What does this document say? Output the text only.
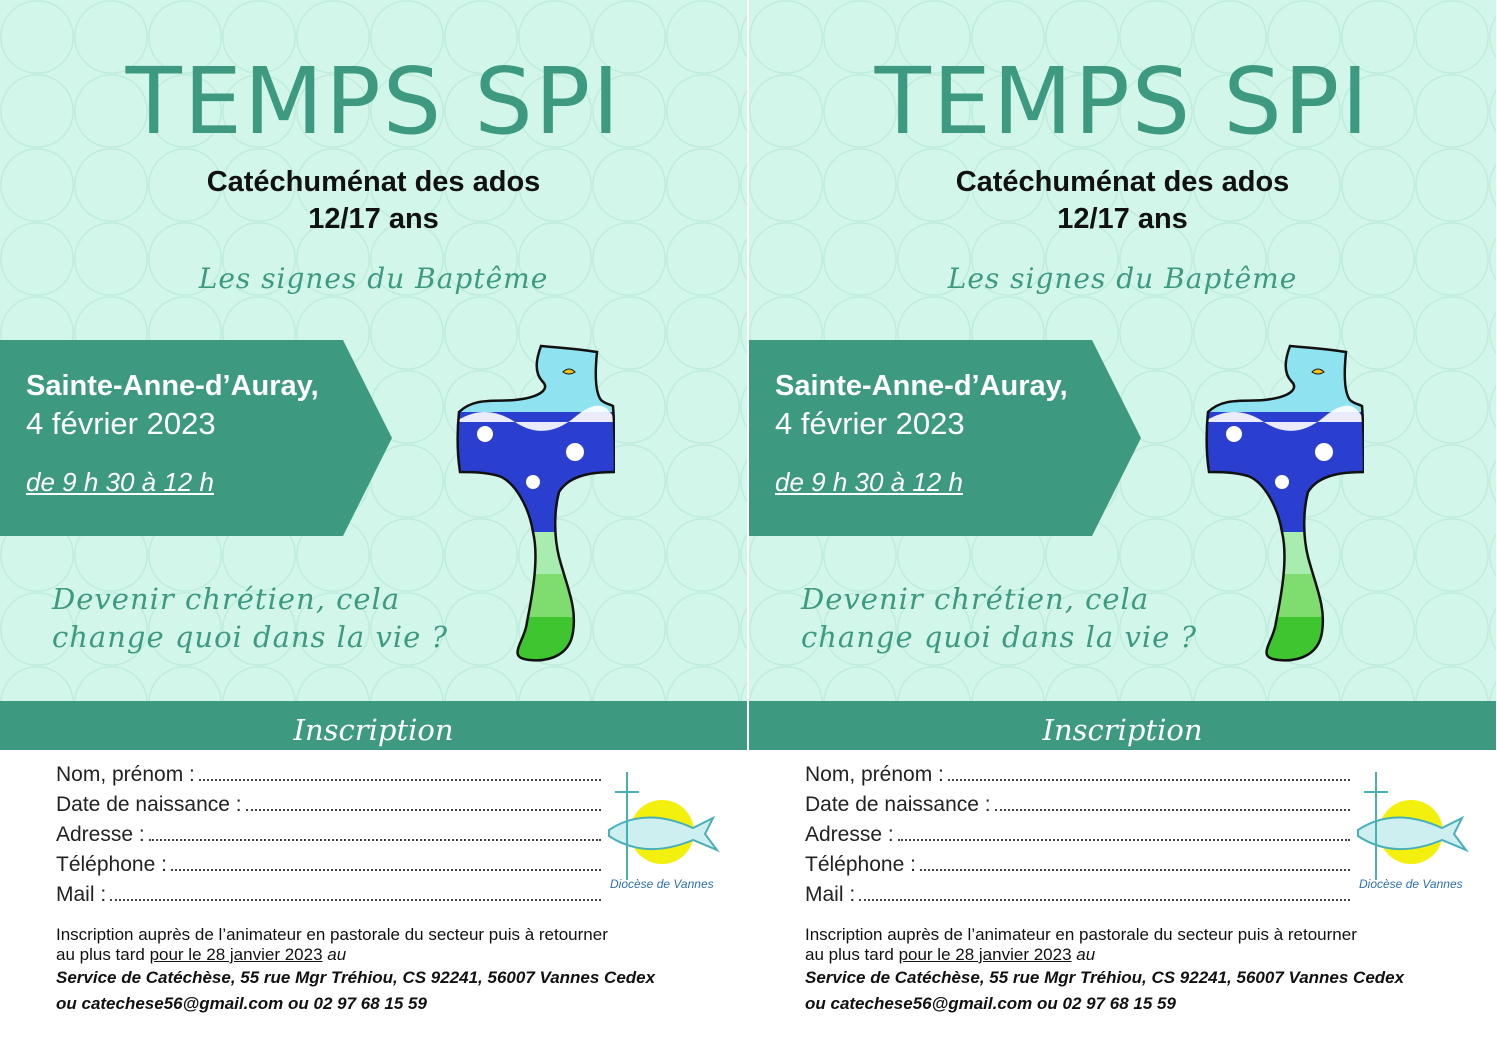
TEMPS SPI
Catéchuménat des ados
12/17 ans
Les signes du Baptême
Sainte-Anne-d’Auray,
4 février 2023
de 9 h 30 à 12 h
Devenir chrétien, cela
change quoi dans la vie ?
Inscription
Nom, prénom :
Date de naissance :
Adresse :
Téléphone :
Mail :	Diocèse de Vannes
Inscription auprès de l’animateur en pastorale du secteur puis à retourner
au plus tard pour le 28 janvier 2023 au
Service de Catéchèse, 55 rue Mgr Tréhiou, CS 92241, 56007 Vannes Cedex
ou catechese56@gmail.com ou 02 97 68 15 59
TEMPS SPI
Catéchuménat des ados
12/17 ans
Les signes du Baptême
Sainte-Anne-d’Auray,
4 février 2023
de 9 h 30 à 12 h
Devenir chrétien, cela
change quoi dans la vie ?
Inscription
Nom, prénom :
Date de naissance :
Adresse :
Téléphone :
Mail :	Diocèse de Vannes
Inscription auprès de l’animateur en pastorale du secteur puis à retourner
au plus tard pour le 28 janvier 2023 au
Service de Catéchèse, 55 rue Mgr Tréhiou, CS 92241, 56007 Vannes Cedex
ou catechese56@gmail.com ou 02 97 68 15 59
